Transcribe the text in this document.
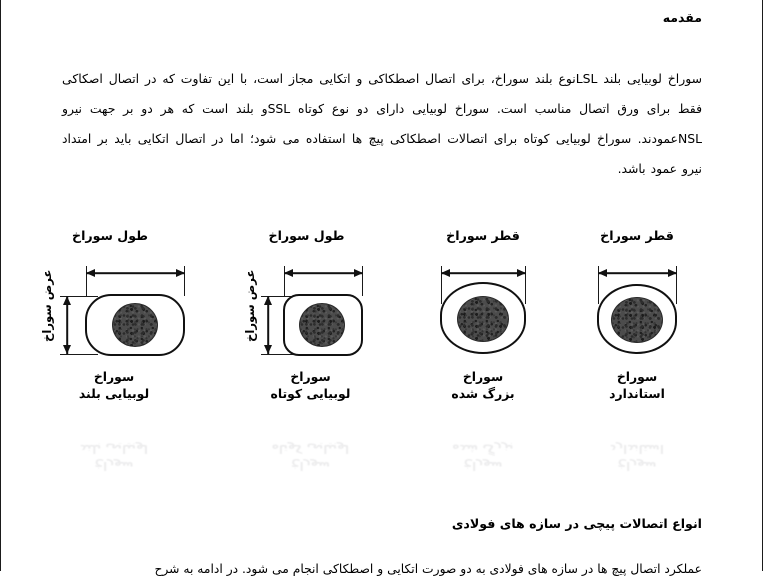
مقدمه

سوراخ لوبیایی بلند LSLنوع بلند سوراخ، برای اتصال اصطکاکی و اتکایی مجاز است، با این تفاوت که در اتصال اصکاکی فقط برای ورق اتصال مناسب است. سوراخ لوبیایی دارای دو نوع کوتاه SSLو بلند است که هر دو بر جهت نیرو NSLعمودند. سوراخ لوبیایی کوتاه برای اتصالات اصطکاکی پیچ ها استفاده می شود؛ اما در اتصال اتکایی باید بر امتداد نیرو عمود باشد.

قطر سوراخ
سوراخ
استاندارد
قطر سوراخ
سوراخ
بزرگ شده
طول سوراخ
عرض سوراخ
سوراخ
لوبیایی کوتاه
طول سوراخ
عرض سوراخ
سوراخ
لوبیایی بلند
سوراخ
استاندارد
سوراخ
بزرگ شده
سوراخ
لوبیایی کوتاه
سوراخ
لوبیایی بلند
انواع اتصالات پیچی در سازه های فولادی

عملکرد اتصال پیچ ها در سازه های فولادی به دو صورت اتکایی و اصطکاکی انجام می شود. در ادامه به شرح
